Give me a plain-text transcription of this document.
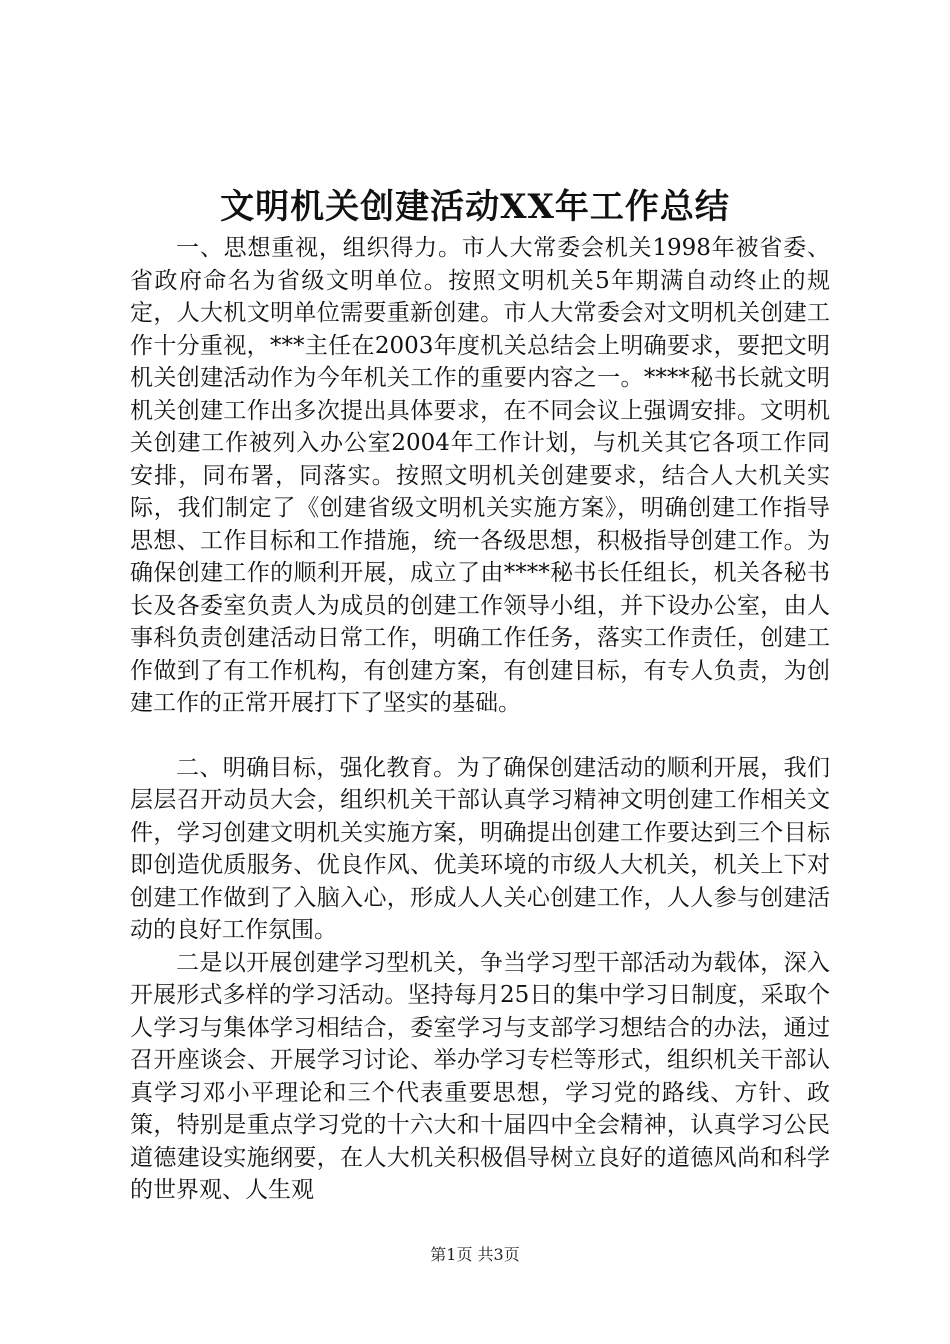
文明机关创建活动XX年工作总结

一、思想重视，组织得力。市人大常委会机关1998年被省委、省政府命名为省级文明单位。按照文明机关5年期满自动终止的规定，人大机文明单位需要重新创建。市人大常委会对文明机关创建工作十分重视，***主任在2003年度机关总结会上明确要求，要把文明机关创建活动作为今年机关工作的重要内容之一。****秘书长就文明机关创建工作出多次提出具体要求，在不同会议上强调安排。文明机关创建工作被列入办公室2004年工作计划，与机关其它各项工作同安排，同布署，同落实。按照文明机关创建要求，结合人大机关实际，我们制定了《创建省级文明机关实施方案》，明确创建工作指导思想、工作目标和工作措施，统一各级思想，积极指导创建工作。为确保创建工作的顺利开展，成立了由****秘书长任组长，机关各秘书长及各委室负责人为成员的创建工作领导小组，并下设办公室，由人事科负责创建活动日常工作，明确工作任务，落实工作责任，创建工作做到了有工作机构，有创建方案，有创建目标，有专人负责，为创建工作的正常开展打下了坚实的基础。

二、明确目标，强化教育。为了确保创建活动的顺利开展，我们层层召开动员大会，组织机关干部认真学习精神文明创建工作相关文件，学习创建文明机关实施方案，明确提出创建工作要达到三个目标即创造优质服务、优良作风、优美环境的市级人大机关，机关上下对创建工作做到了入脑入心，形成人人关心创建工作，人人参与创建活动的良好工作氛围。

二是以开展创建学习型机关，争当学习型干部活动为载体，深入开展形式多样的学习活动。坚持每月25日的集中学习日制度，采取个人学习与集体学习相结合，委室学习与支部学习想结合的办法，通过召开座谈会、开展学习讨论、举办学习专栏等形式，组织机关干部认真学习邓小平理论和三个代表重要思想，学习党的路线、方针、政策，特别是重点学习党的十六大和十届四中全会精神，认真学习公民道德建设实施纲要，在人大机关积极倡导树立良好的道德风尚和科学的世界观、人生观

第1页 共3页
